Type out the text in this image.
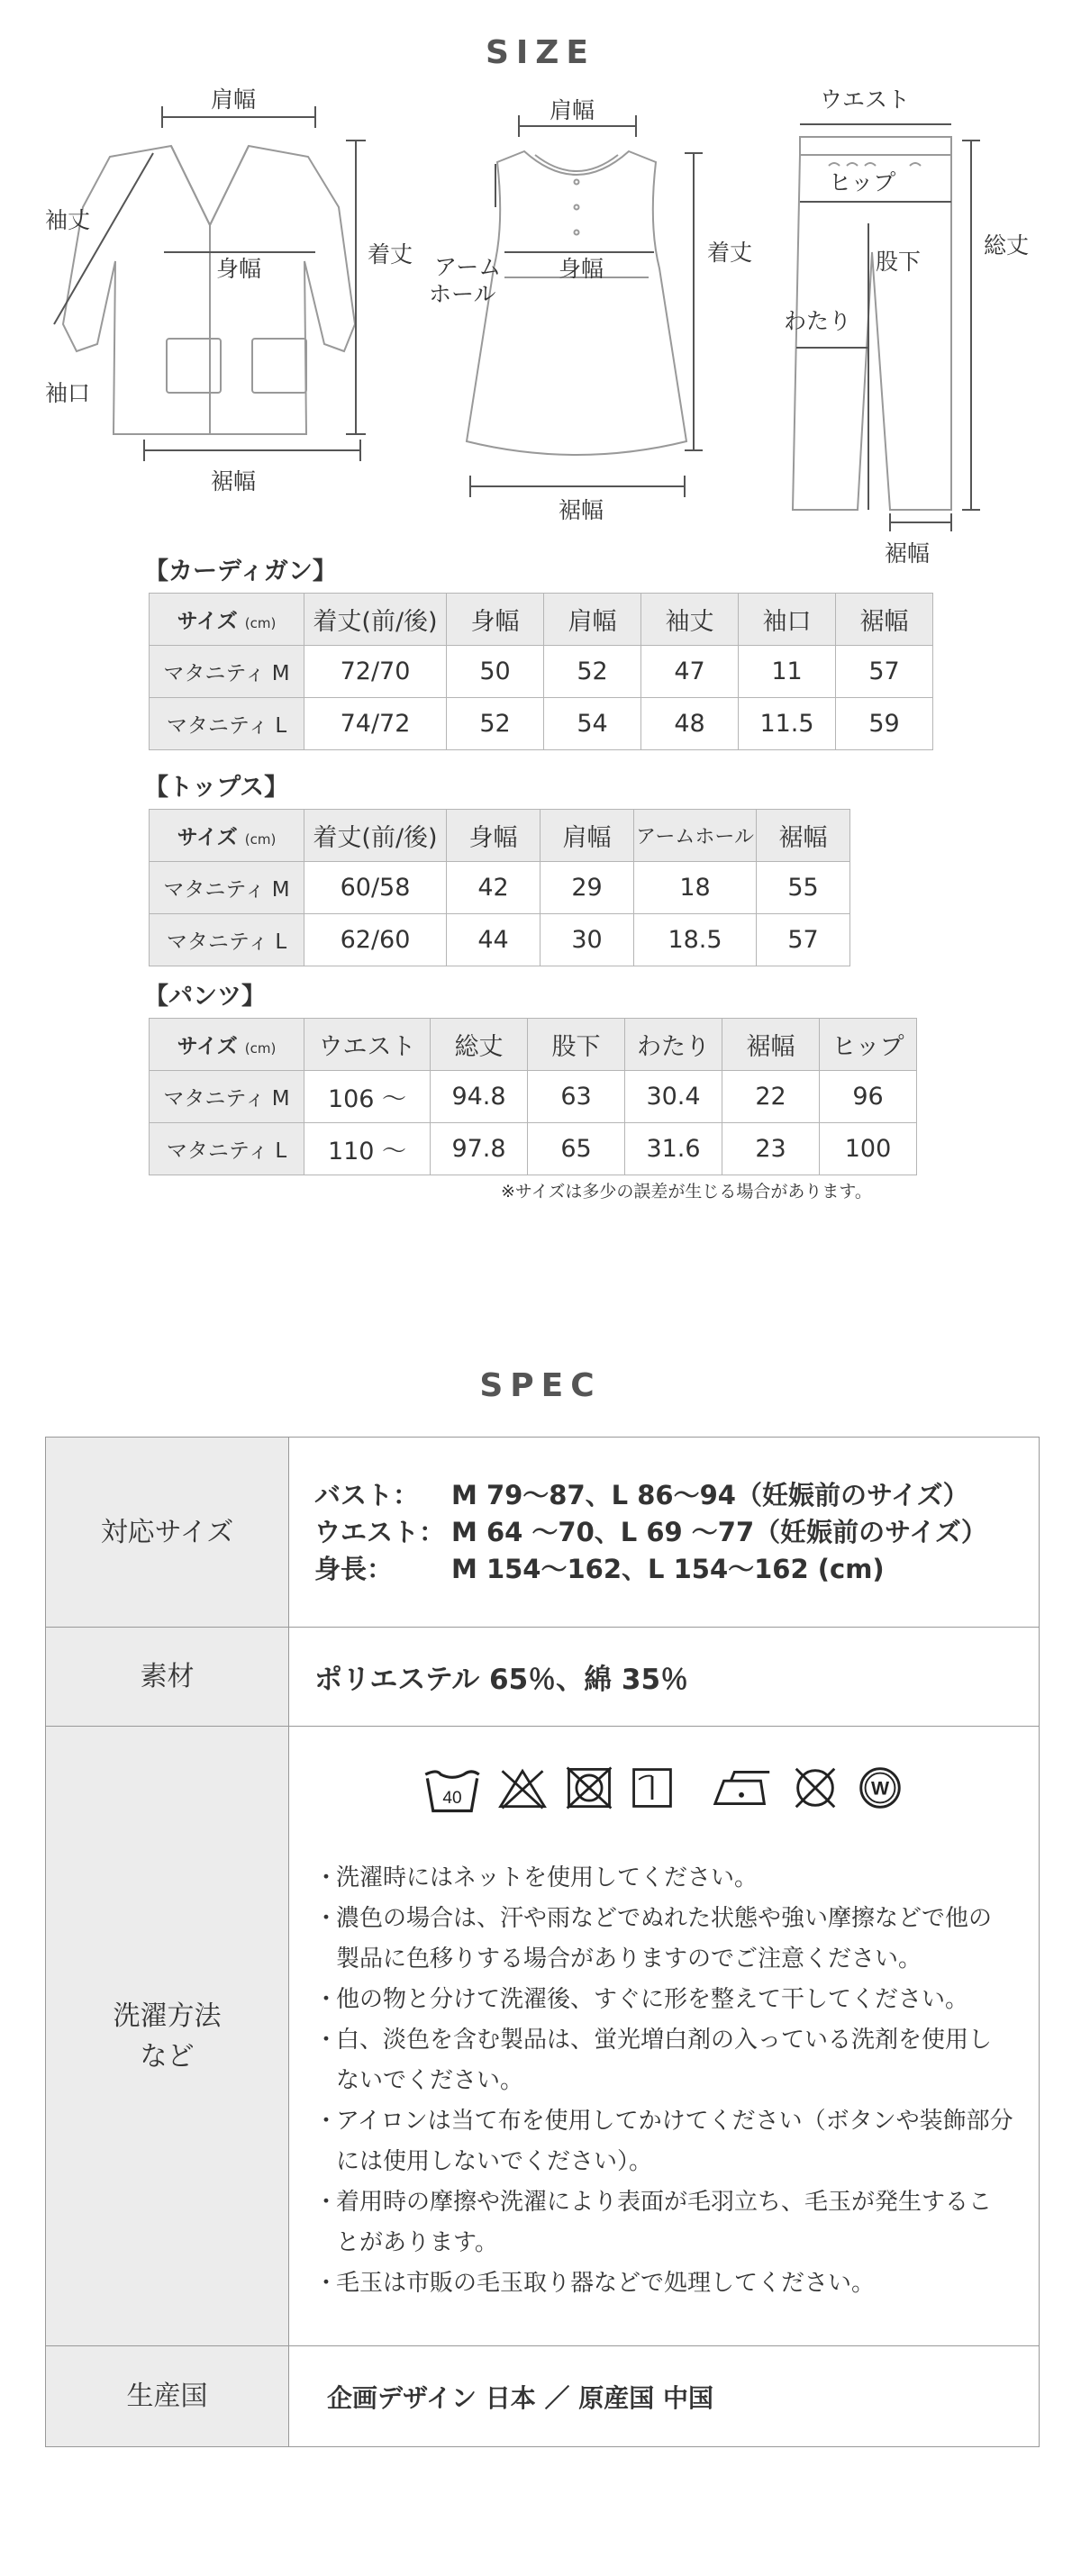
SIZE
肩幅
身幅
着丈
袖丈
袖口
裾幅
肩幅
身幅
着丈
アーム
ホール
裾幅
ウエスト
ヒップ
股下
わたり
総丈
裾幅
【カーディガン】
サイズ (cm)	着丈(前/後)	身幅	肩幅	袖丈	袖口	裾幅
マタニティ M	72/70	50	52	47	11	57
マタニティ L	74/72	52	54	48	11.5	59
【トップス】
サイズ (cm)	着丈(前/後)	身幅	肩幅	アームホール	裾幅
マタニティ M	60/58	42	29	18	55
マタニティ L	62/60	44	30	18.5	57
【パンツ】
サイズ (cm)	ウエスト	総丈	股下	わたり	裾幅	ヒップ
マタニティ M	106 〜	94.8	63	30.4	22	96
マタニティ L	110 〜	97.8	65	31.6	23	100
※サイズは多少の誤差が生じる場合があります。
SPEC
対応サイズ
バスト： M 79〜87、L 86〜94（妊娠前のサイズ）
ウエスト： M 64 〜70、L 69 〜77（妊娠前のサイズ）
身長： M 154〜162、L 154〜162 (cm)
素材	ポリエステル 65％、綿 35％
洗濯方法
など
40	W
・ 洗濯時にはネットを使用してください。
・ 濃色の場合は、汗や雨などでぬれた状態や強い摩擦などで他の製品に色移りする場合がありますのでご注意ください。
・ 他の物と分けて洗濯後、すぐに形を整えて干してください。
・ 白、淡色を含む製品は、蛍光増白剤の入っている洗剤を使用しないでください。
・ アイロンは当て布を使用してかけてください（ボタンや装飾部分には使用しないでください）。
・ 着用時の摩擦や洗濯により表面が毛羽立ち、毛玉が発生することがあります。
・ 毛玉は市販の毛玉取り器などで処理してください。
生産国	企画デザイン 日本 ／ 原産国 中国
